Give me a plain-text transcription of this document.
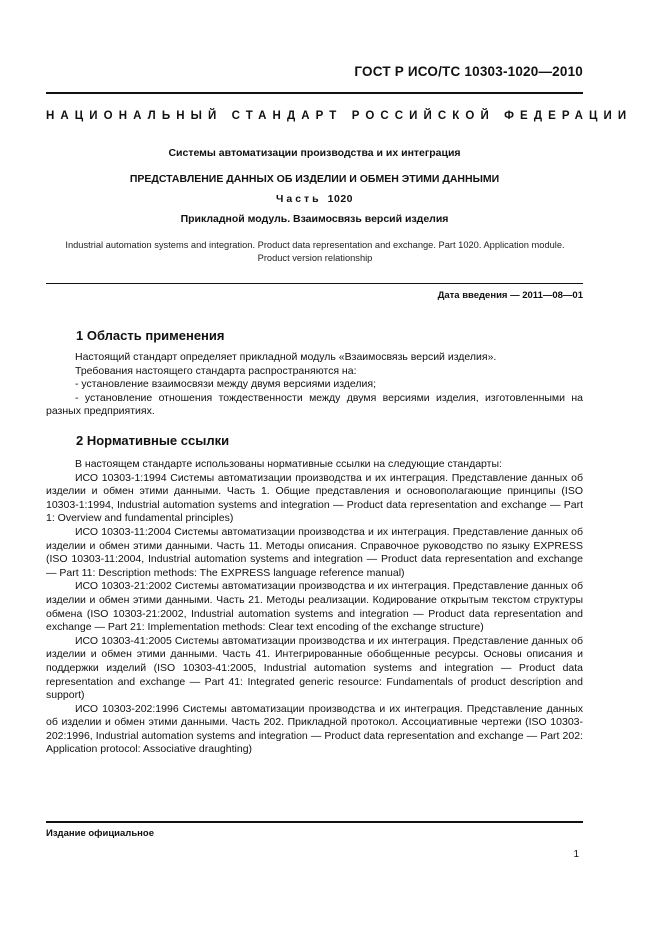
ГОСТ Р ИСО/ТС 10303-1020—2010
НАЦИОНАЛЬНЫЙ СТАНДАРТ РОССИЙСКОЙ ФЕДЕРАЦИИ
Системы автоматизации производства и их интеграция
ПРЕДСТАВЛЕНИЕ ДАННЫХ ОБ ИЗДЕЛИИ И ОБМЕН ЭТИМИ ДАННЫМИ
Часть 1020
Прикладной модуль. Взаимосвязь версий изделия
Industrial automation systems and integration. Product data representation and exchange. Part 1020. Application module. Product version relationship
Дата введения — 2011—08—01
1 Область применения

Настоящий стандарт определяет прикладной модуль «Взаимосвязь версий изделия».

Требования настоящего стандарта распространяются на:

- установление взаимосвязи между двумя версиями изделия;

- установление отношения тождественности между двумя версиями изделия, изготовленными на разных предприятиях.

2 Нормативные ссылки

В настоящем стандарте использованы нормативные ссылки на следующие стандарты:

ИСО 10303-1:1994 Системы автоматизации производства и их интеграция. Представление данных об изделии и обмен этими данными. Часть 1. Общие представления и основополагающие принципы (ISO 10303-1:1994, Industrial automation systems and integration — Product data representation and exchange — Part 1: Overview and fundamental principles)

ИСО 10303-11:2004 Системы автоматизации производства и их интеграция. Представление данных об изделии и обмен этими данными. Часть 11. Методы описания. Справочное руководство по языку EXPRESS (ISO 10303-11:2004, Industrial automation systems and integration — Product data representation and exchange — Part 11: Description methods: The EXPRESS language reference manual)

ИСО 10303-21:2002 Системы автоматизации производства и их интеграция. Представление данных об изделии и обмен этими данными. Часть 21. Методы реализации. Кодирование открытым текстом структуры обмена (ISO 10303-21:2002, Industrial automation systems and integration — Product data representation and exchange — Part 21: Implementation methods: Clear text encoding of the exchange structure)

ИСО 10303-41:2005 Системы автоматизации производства и их интеграция. Представление данных об изделии и обмен этими данными. Часть 41. Интегрированные обобщенные ресурсы. Основы описания и поддержки изделий (ISO 10303-41:2005, Industrial automation systems and integration — Product data representation and exchange — Part 41: Integrated generic resource: Fundamentals of product description and support)

ИСО 10303-202:1996 Системы автоматизации производства и их интеграция. Представление данных об изделии и обмен этими данными. Часть 202. Прикладной протокол. Ассоциативные чертежи (ISO 10303-202:1996, Industrial automation systems and integration — Product data representation and exchange — Part 202: Application protocol: Associative draughting)

Издание официальное
1
